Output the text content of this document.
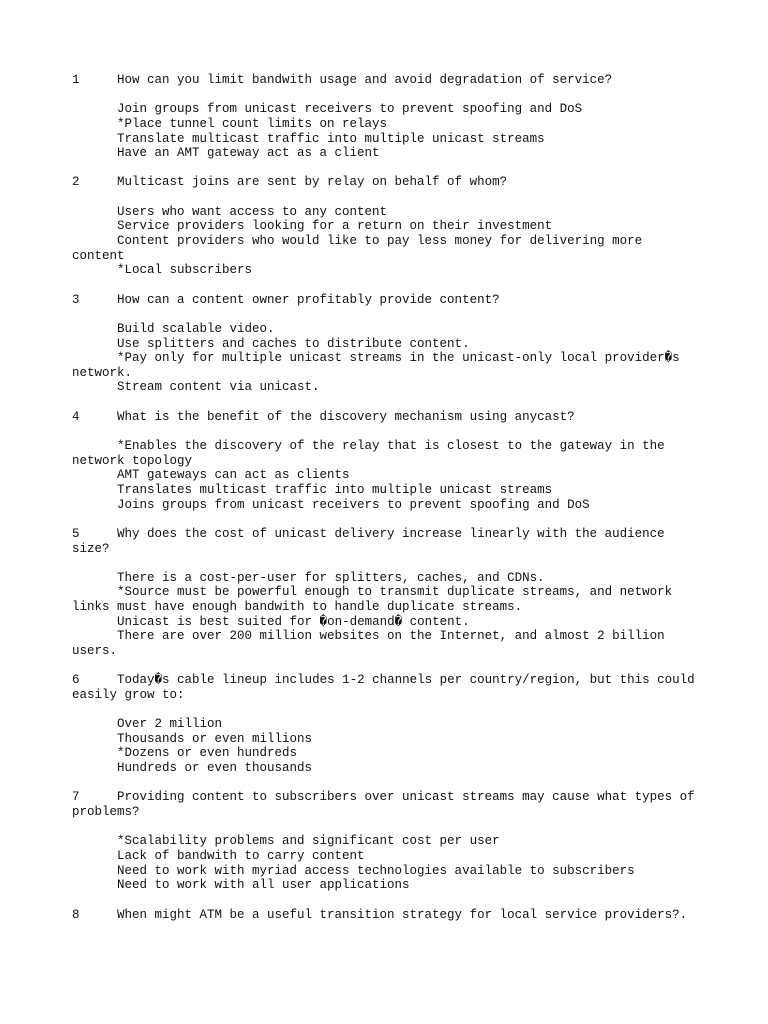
1     How can you limit bandwith usage and avoid degradation of service?
Join groups from unicast receivers to prevent spoofing and DoS
*Place tunnel count limits on relays
Translate multicast traffic into multiple unicast streams
Have an AMT gateway act as a client
2     Multicast joins are sent by relay on behalf of whom?
Users who want access to any content
Service providers looking for a return on their investment
Content providers who would like to pay less money for delivering more
content
*Local subscribers
3     How can a content owner profitably provide content?
Build scalable video.
Use splitters and caches to distribute content.
*Pay only for multiple unicast streams in the unicast-only local provider�s
network.
Stream content via unicast.
4     What is the benefit of the discovery mechanism using anycast?
*Enables the discovery of the relay that is closest to the gateway in the
network topology
AMT gateways can act as clients
Translates multicast traffic into multiple unicast streams
Joins groups from unicast receivers to prevent spoofing and DoS
5     Why does the cost of unicast delivery increase linearly with the audience
size?
There is a cost-per-user for splitters, caches, and CDNs.
*Source must be powerful enough to transmit duplicate streams, and network
links must have enough bandwith to handle duplicate streams.
Unicast is best suited for �on-demand� content.
There are over 200 million websites on the Internet, and almost 2 billion
users.
6     Today�s cable lineup includes 1-2 channels per country/region, but this could
easily grow to:
Over 2 million
Thousands or even millions
*Dozens or even hundreds
Hundreds or even thousands
7     Providing content to subscribers over unicast streams may cause what types of
problems?
*Scalability problems and significant cost per user
Lack of bandwith to carry content
Need to work with myriad access technologies available to subscribers
Need to work with all user applications
8     When might ATM be a useful transition strategy for local service providers?.
